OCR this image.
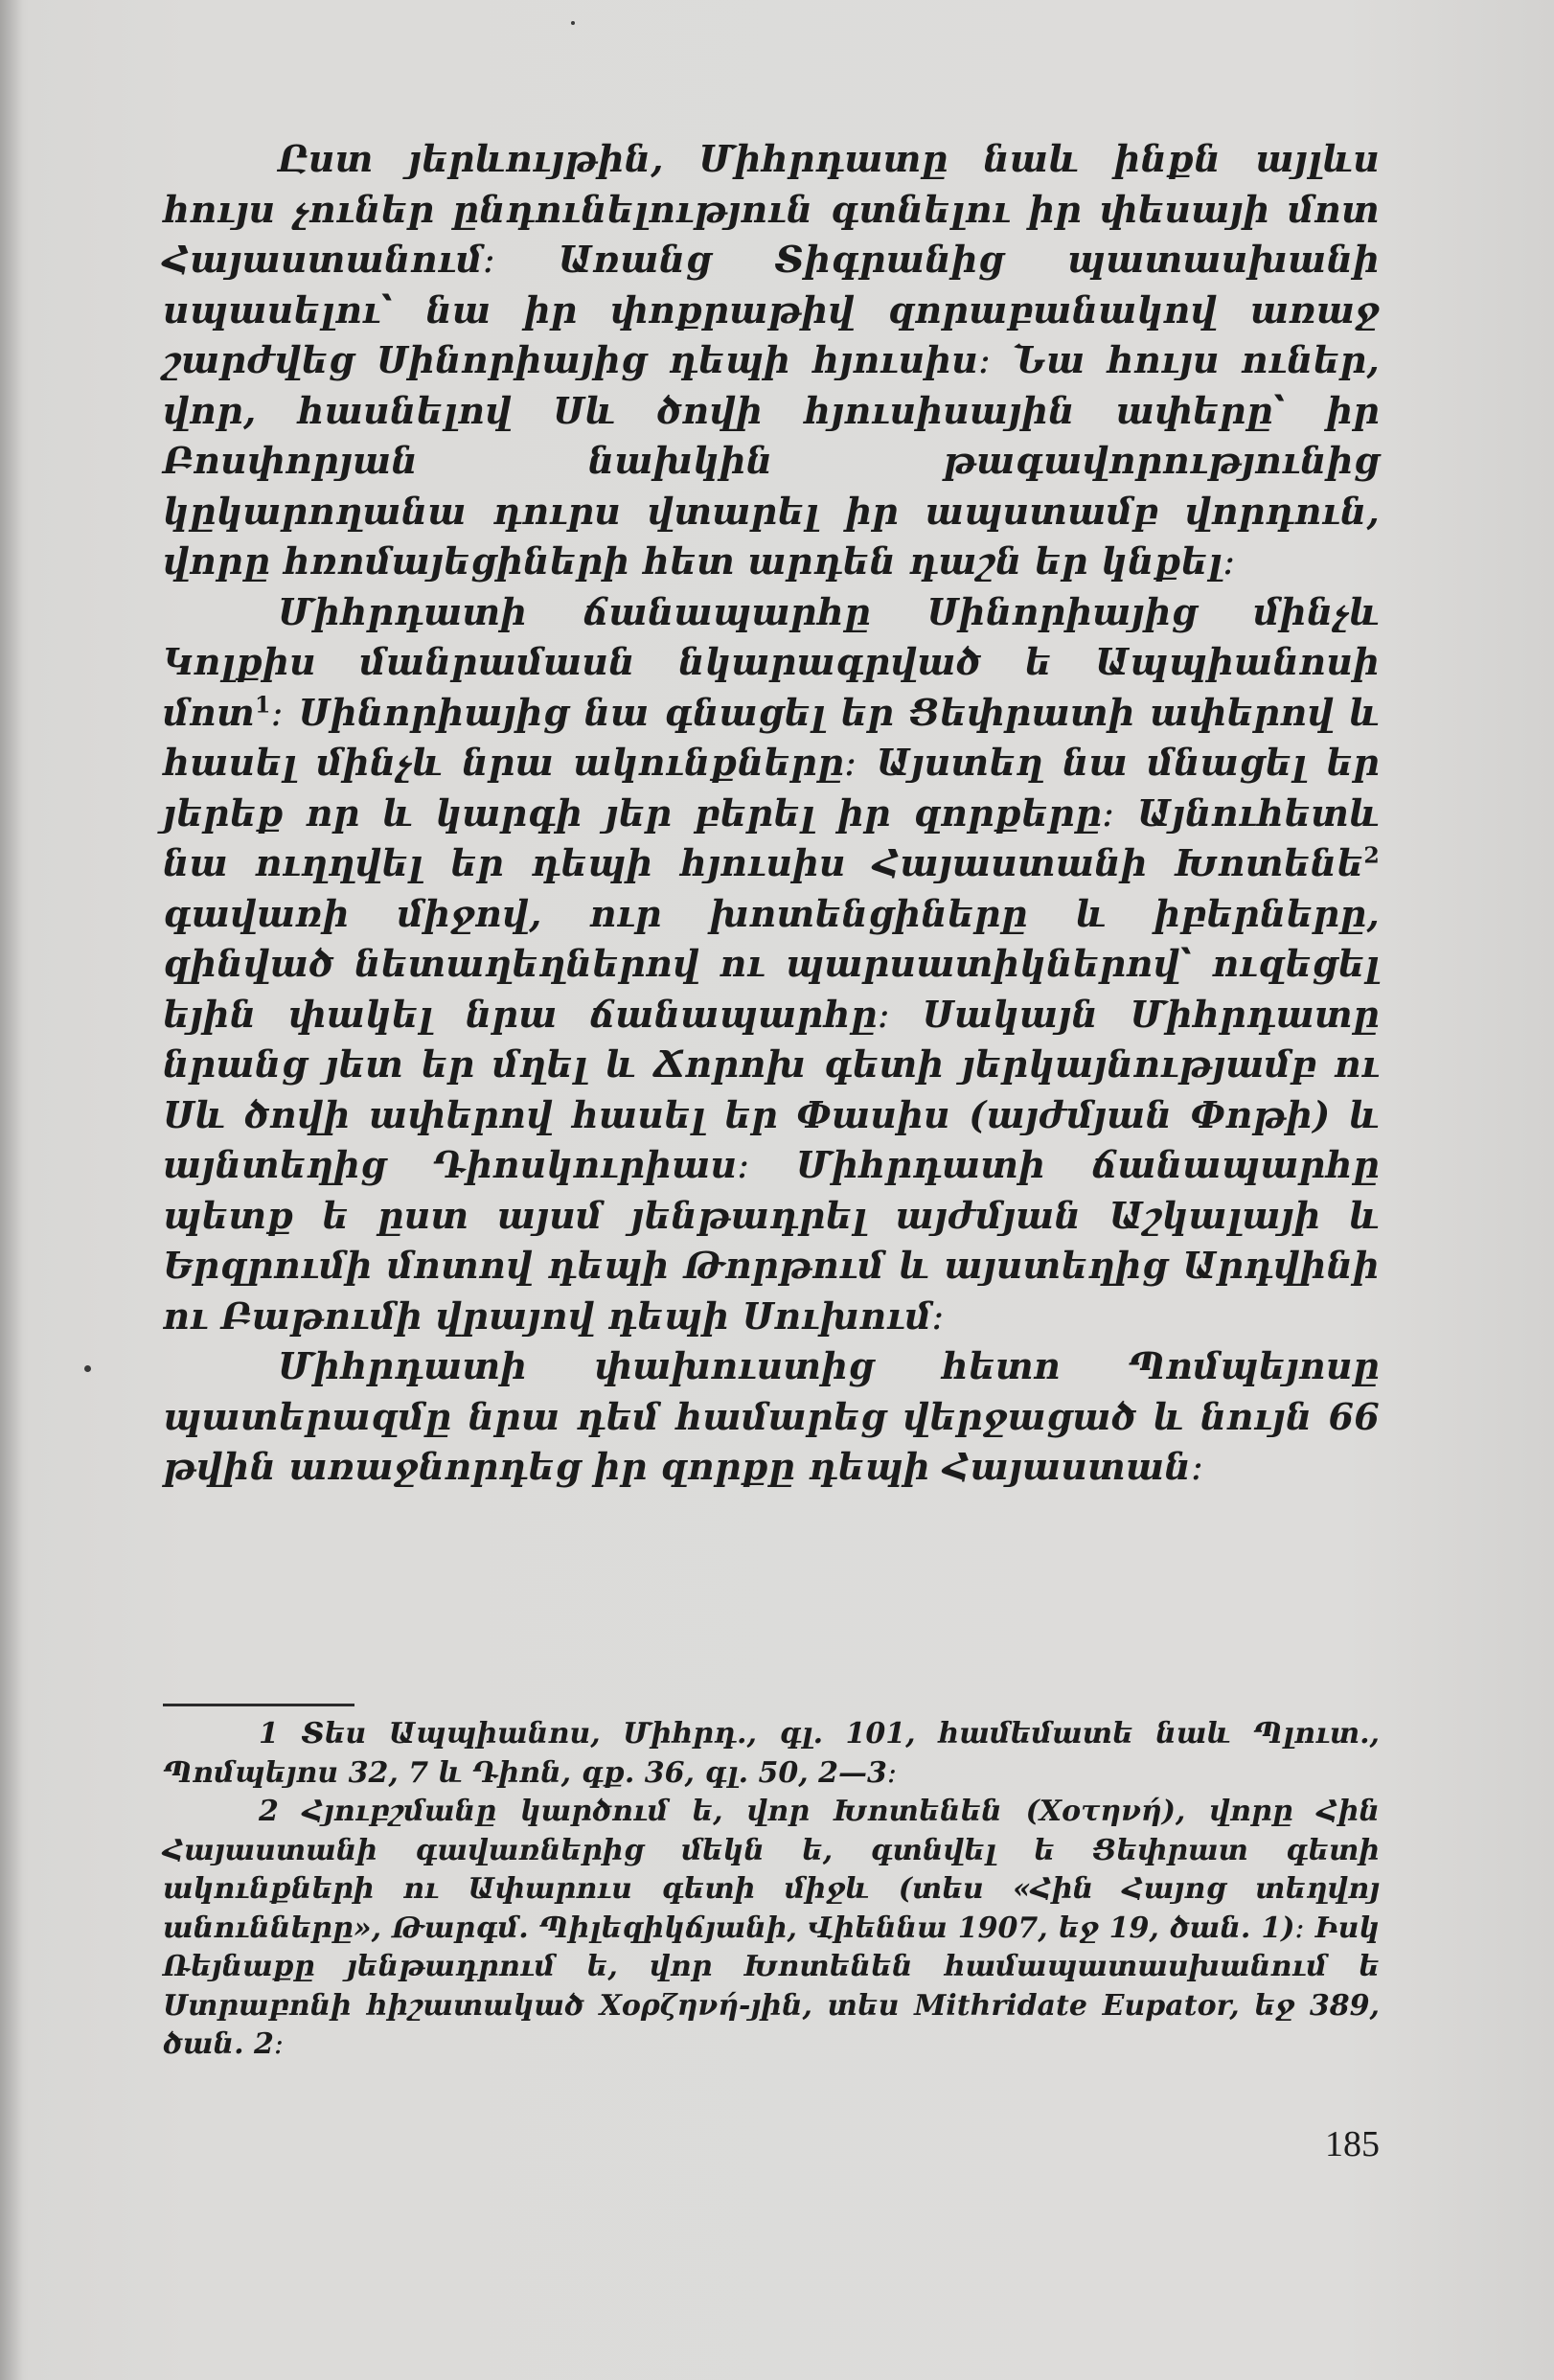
Ըստ յերևույթին, Միհրդատը նաև ինքն այլևս հույս չուներ ընդունելություն գտնելու իր փեսայի մոտ Հայաստանում։ Առանց Տիգրանից պատասխանի սպասելու՝ նա իր փոքրաթիվ զորաբանակով առաջ շարժվեց Սինորիայից դեպի հյուսիս։ Նա հույս ուներ, վոր, հասնելով Սև ծովի հյուսիսային ափերը՝ իր Բոսփորյան նախկին թագավորությունից կըկարողանա դուրս վտարել իր ապստամբ վորդուն, վորը հռոմայեցիների հետ արդեն դաշն եր կնքել։

Միհրդատի ճանապարհը Սինորիայից մինչև Կոլքիս մանրամասն նկարագրված ե Ապպիանոսի մոտ$^1$։ Սինորիայից նա գնացել եր Ցեփրատի ափերով և հասել մինչև նրա ակունքները։ Այստեղ նա մնացել եր յերեք որ և կարգի յեր բերել իր զորքերը։ Այնուհետև նա ուղղվել եր դեպի հյուսիս Հայաստանի Խոտենե$^2$ գավառի միջով, ուր խոտենցիները և իբերները, զինված նետաղեղներով ու պարսատիկներով՝ ուզեցել եյին փակել նրա ճանապարհը։ Սակայն Միհրդատը նրանց յետ եր մղել և Ճորոխ գետի յերկայնությամբ ու Սև ծովի ափերով հասել եր Փասիս (այժմյան Փոթի) և այնտեղից Դիոսկուրիաս։ Միհրդատի ճանապարհը պետք ե ըստ այսմ յենթադրել այժմյան Աշկալայի և Երզրումի մոտով դեպի Թորթում և այստեղից Արդվինի ու Բաթումի վրայով դեպի Սուխում։

Միհրդատի փախուստից հետո Պոմպեյոսը պատերազմը նրա դեմ համարեց վերջացած և նույն 66 թվին առաջնորդեց իր զորքը դեպի Հայաստան։

1 Տես Ապպիանոս, Միհրդ., գլ. 101, համեմատե նաև Պլուտ., Պոմպեյոս 32, 7 և Դիոն, գք. 36, գլ. 50, 2—3։

2 Հյուբշմանը կարծում ե, վոր Խոտենեն (Χοτηνή), վորը Հին Հայաստանի գավառներից մեկն ե, գտնվել ե Ցեփրատ գետի ակունքների ու Ափարուս գետի միջև (տես «Հին Հայոց տեղվոյ անունները», Թարգմ. Պիլեզիկճյանի, Վիեննա 1907, եջ 19, ծան. 1)։ Իսկ Ռեյնաքը յենթադրում ե, վոր Խոտենեն համապատասխանում ե Ստրաբոնի հիշատակած Χορζηνή-յին, տես Mithridate Eupator, եջ 389, ծան. 2։

185
